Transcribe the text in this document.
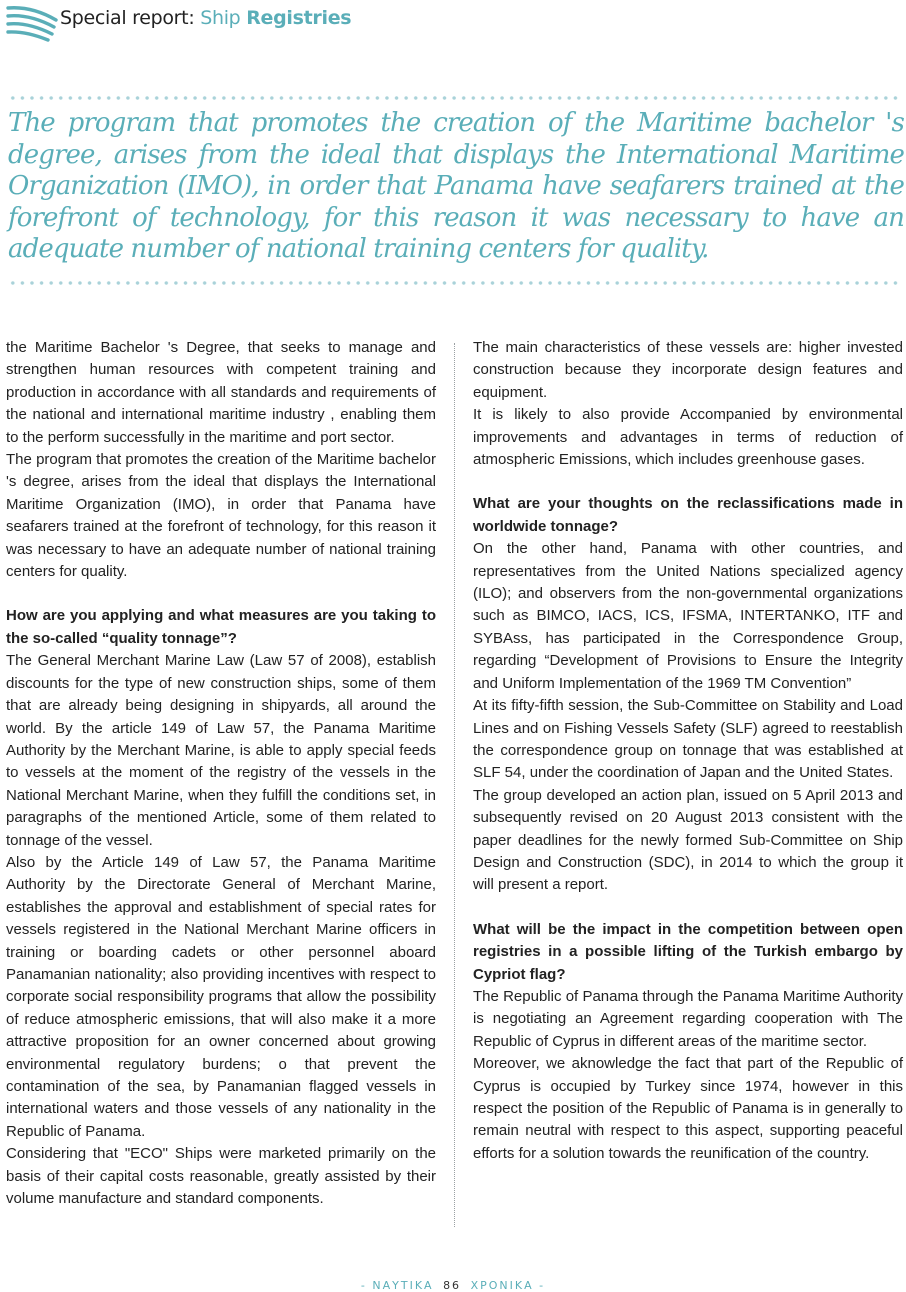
Special report: Ship Registries

The program that promotes the creation of the Maritime bachelor 's degree, arises from the ideal that displays the International Maritime Organization (IMO), in order that Panama have seafarers trained at the forefront of technology, for this reason it was necessary to have an adequate number of national training centers for quality.

the Maritime Bachelor 's Degree, that seeks to manage and strengthen human resources with competent training and production in accordance with all standards and requirements of the national and international maritime industry , enabling them to the perform successfully in the maritime and port sector.

The program that promotes the creation of the Maritime bachelor 's degree, arises from the ideal that displays the International Maritime Organization (IMO), in order that Panama have seafarers trained at the forefront of technology, for this reason it was necessary to have an adequate number of national training centers for quality.

How are you applying and what measures are you taking to the so-called “quality tonnage”?

The General Merchant Marine Law (Law 57 of 2008), establish discounts for the type of new construction ships, some of them that are already being designing in shipyards, all around the world. By the article 149 of Law 57, the Panama Maritime Authority by the Merchant Marine, is able to apply special feeds to vessels at the moment of the registry of the vessels in the National Merchant Marine, when they fulfill the conditions set, in paragraphs of the mentioned Article, some of them related to tonnage of the vessel.

Also by the Article 149 of Law 57, the Panama Maritime Authority by the Directorate General of Merchant Marine, establishes the approval and establishment of special rates for vessels registered in the National Merchant Marine officers in training or boarding cadets or other personnel aboard Panamanian nationality; also providing incentives with respect to corporate social responsibility programs that allow the possibility of reduce atmospheric emissions, that will also make it a more attractive proposition for an owner concerned about growing environmental regulatory burdens; o that prevent the contamination of the sea, by Panamanian flagged vessels in international waters and those vessels of any nationality in the Republic of Panama.

Considering that "ECO" Ships were marketed primarily on the basis of their capital costs reasonable, greatly assisted by their volume manufacture and standard components.

The main characteristics of these vessels are: higher invested construction because they incorporate design features and equipment.

It is likely to also provide Accompanied by environmental improvements and advantages in terms of reduction of atmospheric Emissions, which includes greenhouse gases.

What are your thoughts on the reclassifications made in worldwide tonnage?

On the other hand, Panama with other countries, and representatives from the United Nations specialized agency (ILO); and observers from the non-governmental organizations such as BIMCO, IACS, ICS, IFSMA, INTERTANKO, ITF and SYBAss, has participated in the Correspondence Group, regarding “Development of Provisions to Ensure the Integrity and Uniform Implementation of the 1969 TM Convention”

At its fifty-fifth session, the Sub-Committee on Stability and Load Lines and on Fishing Vessels Safety (SLF) agreed to reestablish the correspondence group on tonnage that was established at SLF 54, under the coordination of Japan and the United States.

The group developed an action plan, issued on 5 April 2013 and subsequently revised on 20 August 2013 consistent with the paper deadlines for the newly formed Sub-Committee on Ship Design and Construction (SDC), in 2014 to which the group it will present a report.

What will be the impact in the competition between open registries in a possible lifting of the Turkish embargo by Cypriot flag?

The Republic of Panama through the Panama Maritime Authority is negotiating an Agreement regarding cooperation with The Republic of Cyprus in different areas of the maritime sector.

Moreover, we aknowledge the fact that part of the Republic of Cyprus is occupied by Turkey since 1974, however in this respect the position of the Republic of Panama is in generally to remain neutral with respect to this aspect, supporting peaceful efforts for a solution towards the reunification of the country.

- ΝΑΥΤΙΚΑ 86 ΧΡΟΝΙΚΑ -
